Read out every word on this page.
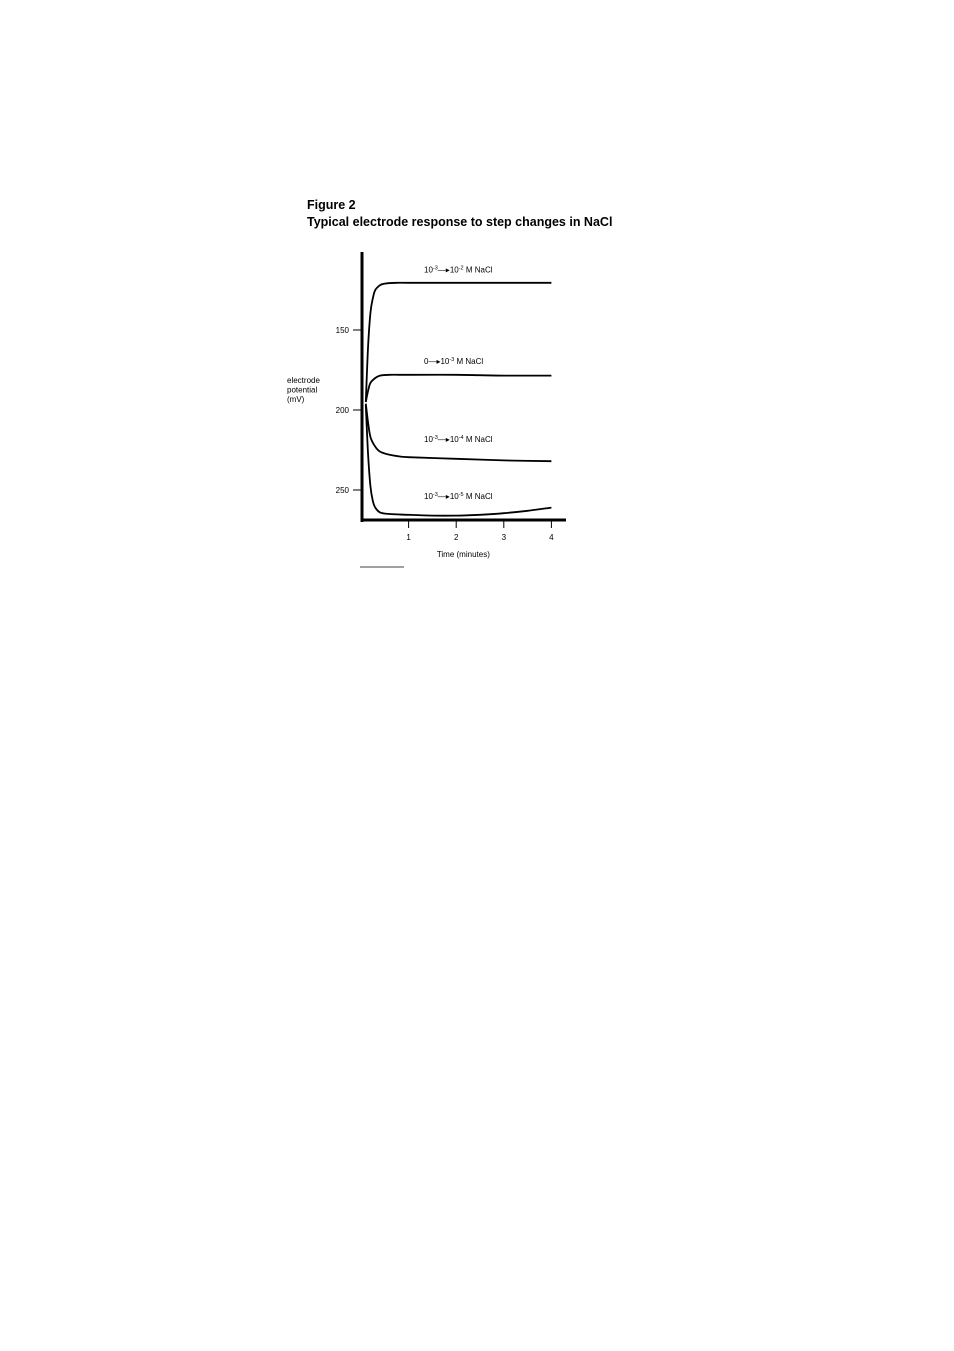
Figure 2
Typical electrode response to step changes in NaCl
150
200
250
1	2	3	4
$10^{-3}—▸10^{-2}$ M NaCl
$0—▸10^{-3}$ M NaCl
$10^{-3}—▸10^{-4}$ M NaCl
$10^{-3}—▸10^{-5}$ M NaCl
Time (minutes)
electrode
potential
(mV)
